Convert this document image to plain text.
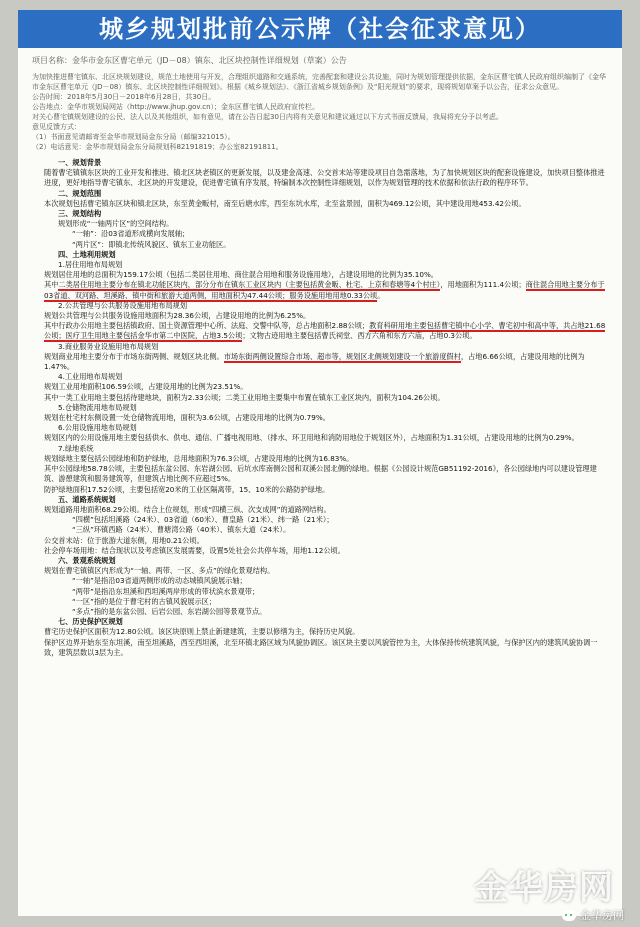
城乡规划批前公示牌（社会征求意见）

项目名称：金华市金东区曹宅单元（JD－08）镇东、北区块控制性详细规划（草案）公告

为加快推进曹宅镇东、北区块规划建设，规范土地使用与开发，合理组织道路和交通系统，完善配套和建设公共设施，同时为规划管理提供依据，金东区曹宅镇人民政府组织编制了《金华市金东区曹宅单元（JD－08）镇东、北区块控制性详细规划》。根据《城乡规划法》、《浙江省城乡规划条例》及“阳光规划”的要求，现将规划草案予以公告，征求公众意见。

公告时间：2018年5月30日－2018年6月28日，共30日。

公告地点：金华市规划局网站（http://www.jhup.gov.cn）；金东区曹宅镇人民政府宣传栏。

对关心曹宅镇规划建设的公民、法人以及其他组织，如有意见，请在公告日起30日内将有关意见和建议通过以下方式书面反馈局，我局将充分予以考虑。

意见反馈方式：

（1）书面意见请邮寄至金华市规划局金东分局（邮编321015）。

（2）电话意见：金华市规划局金东分局规划科82191819；办公室82191811。

一、规划背景

随着曹宅镇镇东区块的工业开发和推进、镇北区块老镇区的更新发展，以及建金高速、公交首末站等建设项目自急需落地，为了加快规划区块的配套设施建设，加快项目整体推进进度，更好地指导曹宅镇东、北区块的开发建设，促进曹宅镇有序发展，特编制本次控制性详细规划，以作为规划管理的技术依据和依法行政的程序环节。

二、规划范围

本次规划包括曹宅镇东区块和镇北区块，东至黄金畈村，南至后塘水库，西至东坑水库，北至盆景园，面积为469.12公顷，其中建设用地453.42公顷。

三、规划结构

规划形成“一轴两片区”的空间结构。

“一轴”：沿03省道形成横向发展轴；

“两片区”：即镇北传统风貌区、镇东工业功能区。

四、土地利用规划

1.居住用地布局规划

规划居住用地的总面积为159.17公顷（包括二类居住用地、商住混合用地和服务设施用地），占建设用地的比例为35.10%。

其中二类居住用地主要分布在镇北功能区块内，部分分布在镇东工业区块内（主要包括黄金畈、杜宅、上京和春塘等4个村庄），用地面积为111.4公顷；商住混合用地主要分布于03省道、双河路、坦溪路、镇中街和旅游大道两侧，用地面积为47.44公顷；服务设施用地用地0.33公顷。

2.公共管理与公共服务设施用地布局规划

规划公共管理与公共服务设施用地面积为28.36公顷，占建设用地的比例为6.25%。

其中行政办公用地主要包括镇政府、国土资源管理中心所、法庭、交警中队等，总占地面积2.88公顷；教育科研用地主要包括曹宅镇中心小学、曹宅初中和高中等，共占地21.68公顷；医疗卫生用地主要包括金华市第二中医院，占地3.5公顷；文物古迹用地主要包括曹氏祠堂、西方六角和东方六庙，占地0.3公顷。

3.商业服务业设施用地布局规划

规划商业用地主要分布于市场东街两侧、规划区块北侧。市场东街两侧设置综合市场、超市等，规划区北侧规划建设一个旅游度假村，占地6.66公顷，占建设用地的比例为1.47%。

4.工业用地布局规划

规划工业用地面积106.59公顷，占建设用地的比例为23.51%。

其中一类工业用地主要包括待建地块，面积为2.33公顷；二类工业用地主要集中布置在镇东工业区块内，面积为104.26公顷。

5.仓储物流用地布局规划

规划在杜宅村东侧设置一处仓储物流用地，面积为3.6公顷，占建设用地的比例为0.79%。

6.公用设施用地布局规划

规划区内的公用设施用地主要包括供水、供电、通信、广播电视用地、（排水、环卫用地和消防用地位于规划区外），占地面积为1.31公顷，占建设用地的比例为0.29%。

7.绿地系统

规划绿地主要包括公园绿地和防护绿地，总用地面积为76.3公顷，占建设用地的比例为16.83%。

其中公园绿地58.78公顷，主要包括东盆公园、东岩湖公园、后坑水库南侧公园和双溪公园北侧的绿地。根据《公园设计规范GB51192-2016》，各公园绿地内可以建设管理建筑、游憩建筑和服务建筑等，但建筑占地比例不应超过5%。

防护绿地面积17.52公顷，主要包括宽20米的工业区隔离带，15、10米的公路防护绿地。

五、道路系统规划

规划道路用地面积68.29公顷。结合上位规划，形成“四横三纵、次支成网”的道路网结构。

“四横”包括坦溪路（24米）、03省道（60米）、曹皇路（21米）、纬一路（21米）；

“三纵”环镇西路（24米）、曹塘湾公路（40米）、镇东大道（24米）。

公交首末站：位于旅游大道东侧，用地0.21公顷。

社会停车场用地：结合现状以及考虑镇区发展需要，设置5处社会公共停车场，用地1.12公顷。

六、景观系统规划

规划在曹宅镇镇区内形成为“一轴、两带、一区、多点”的绿化景观结构。

“一轴”是指沿03省道两侧形成的动态城镇风貌展示轴；

“两带”是指沿东坦溪和西坦溪两岸形成的带状滨水景观带；

“一区”指的是位于曹宅村的古镇风貌展示区；

“多点”指的是东盆公园、后岩公园、东岩湖公园等景观节点。

七、历史保护区规划

曹宅历史保护区面积为12.80公顷。该区块原则上禁止新建建筑，主要以修缮为主，保持历史风貌。

保护区边界开始东至东坦溪，南至坦溪路，西至西坦溪，北至环镇北路区域为风貌协调区。该区块主要以风貌管控为主，大体保持传统建筑风貌，与保护区内的建筑风貌协调一致，建筑层数以3层为主。

金华房网
金华房网
